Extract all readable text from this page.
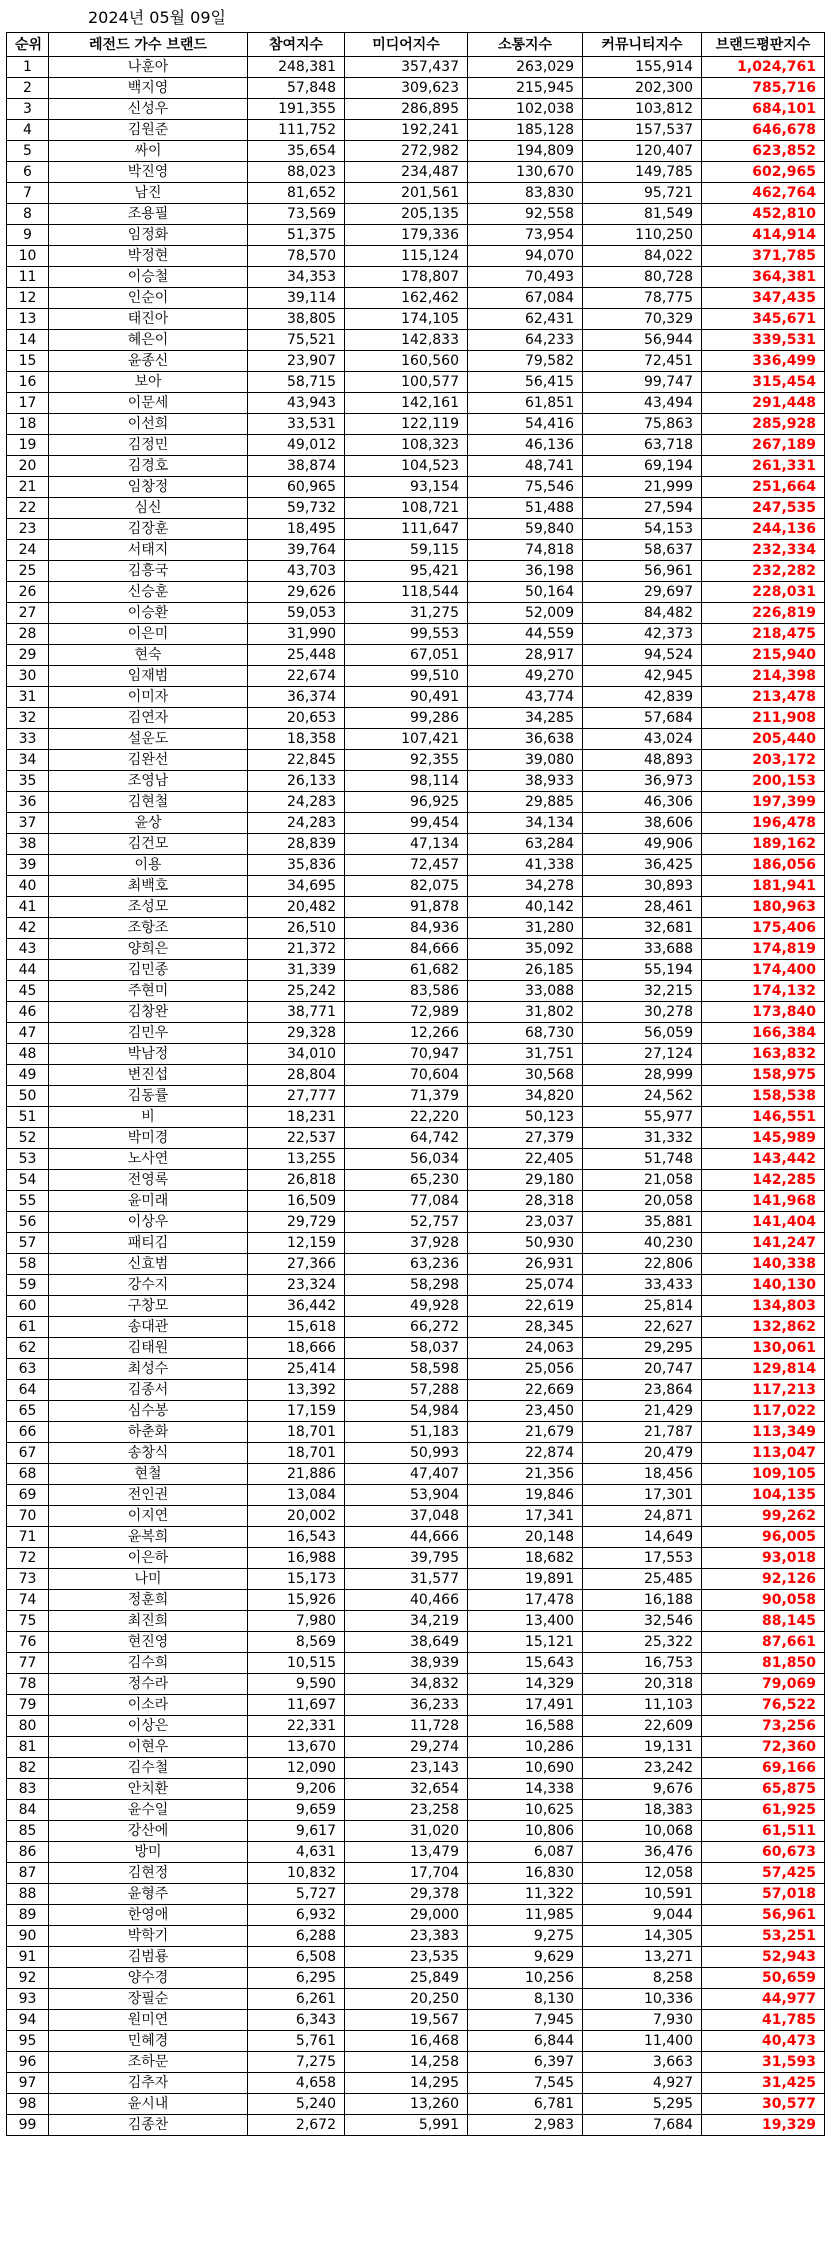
2024년 05월 09일
순위	레전드 가수 브랜드	참여지수	미디어지수	소통지수	커뮤니티지수	브랜드평판지수
1	나훈아	248,381	357,437	263,029	155,914	1,024,761
2	백지영	57,848	309,623	215,945	202,300	785,716
3	신성우	191,355	286,895	102,038	103,812	684,101
4	김원준	111,752	192,241	185,128	157,537	646,678
5	싸이	35,654	272,982	194,809	120,407	623,852
6	박진영	88,023	234,487	130,670	149,785	602,965
7	남진	81,652	201,561	83,830	95,721	462,764
8	조용필	73,569	205,135	92,558	81,549	452,810
9	임정화	51,375	179,336	73,954	110,250	414,914
10	박정현	78,570	115,124	94,070	84,022	371,785
11	이승철	34,353	178,807	70,493	80,728	364,381
12	인순이	39,114	162,462	67,084	78,775	347,435
13	태진아	38,805	174,105	62,431	70,329	345,671
14	혜은이	75,521	142,833	64,233	56,944	339,531
15	윤종신	23,907	160,560	79,582	72,451	336,499
16	보아	58,715	100,577	56,415	99,747	315,454
17	이문세	43,943	142,161	61,851	43,494	291,448
18	이선희	33,531	122,119	54,416	75,863	285,928
19	김정민	49,012	108,323	46,136	63,718	267,189
20	김경호	38,874	104,523	48,741	69,194	261,331
21	임창정	60,965	93,154	75,546	21,999	251,664
22	심신	59,732	108,721	51,488	27,594	247,535
23	김장훈	18,495	111,647	59,840	54,153	244,136
24	서태지	39,764	59,115	74,818	58,637	232,334
25	김흥국	43,703	95,421	36,198	56,961	232,282
26	신승훈	29,626	118,544	50,164	29,697	228,031
27	이승환	59,053	31,275	52,009	84,482	226,819
28	이은미	31,990	99,553	44,559	42,373	218,475
29	현숙	25,448	67,051	28,917	94,524	215,940
30	임재범	22,674	99,510	49,270	42,945	214,398
31	이미자	36,374	90,491	43,774	42,839	213,478
32	김연자	20,653	99,286	34,285	57,684	211,908
33	설운도	18,358	107,421	36,638	43,024	205,440
34	김완선	22,845	92,355	39,080	48,893	203,172
35	조영남	26,133	98,114	38,933	36,973	200,153
36	김현철	24,283	96,925	29,885	46,306	197,399
37	윤상	24,283	99,454	34,134	38,606	196,478
38	김건모	28,839	47,134	63,284	49,906	189,162
39	이용	35,836	72,457	41,338	36,425	186,056
40	최백호	34,695	82,075	34,278	30,893	181,941
41	조성모	20,482	91,878	40,142	28,461	180,963
42	조항조	26,510	84,936	31,280	32,681	175,406
43	양희은	21,372	84,666	35,092	33,688	174,819
44	김민종	31,339	61,682	26,185	55,194	174,400
45	주현미	25,242	83,586	33,088	32,215	174,132
46	김창완	38,771	72,989	31,802	30,278	173,840
47	김민우	29,328	12,266	68,730	56,059	166,384
48	박남정	34,010	70,947	31,751	27,124	163,832
49	변진섭	28,804	70,604	30,568	28,999	158,975
50	김동률	27,777	71,379	34,820	24,562	158,538
51	비	18,231	22,220	50,123	55,977	146,551
52	박미경	22,537	64,742	27,379	31,332	145,989
53	노사연	13,255	56,034	22,405	51,748	143,442
54	전영록	26,818	65,230	29,180	21,058	142,285
55	윤미래	16,509	77,084	28,318	20,058	141,968
56	이상우	29,729	52,757	23,037	35,881	141,404
57	패티김	12,159	37,928	50,930	40,230	141,247
58	신효범	27,366	63,236	26,931	22,806	140,338
59	강수지	23,324	58,298	25,074	33,433	140,130
60	구창모	36,442	49,928	22,619	25,814	134,803
61	송대관	15,618	66,272	28,345	22,627	132,862
62	김태원	18,666	58,037	24,063	29,295	130,061
63	최성수	25,414	58,598	25,056	20,747	129,814
64	김종서	13,392	57,288	22,669	23,864	117,213
65	심수봉	17,159	54,984	23,450	21,429	117,022
66	하춘화	18,701	51,183	21,679	21,787	113,349
67	송창식	18,701	50,993	22,874	20,479	113,047
68	현철	21,886	47,407	21,356	18,456	109,105
69	전인권	13,084	53,904	19,846	17,301	104,135
70	이지연	20,002	37,048	17,341	24,871	99,262
71	윤복희	16,543	44,666	20,148	14,649	96,005
72	이은하	16,988	39,795	18,682	17,553	93,018
73	나미	15,173	31,577	19,891	25,485	92,126
74	정훈희	15,926	40,466	17,478	16,188	90,058
75	최진희	7,980	34,219	13,400	32,546	88,145
76	현진영	8,569	38,649	15,121	25,322	87,661
77	김수희	10,515	38,939	15,643	16,753	81,850
78	정수라	9,590	34,832	14,329	20,318	79,069
79	이소라	11,697	36,233	17,491	11,103	76,522
80	이상은	22,331	11,728	16,588	22,609	73,256
81	이현우	13,670	29,274	10,286	19,131	72,360
82	김수철	12,090	23,143	10,690	23,242	69,166
83	안치환	9,206	32,654	14,338	9,676	65,875
84	윤수일	9,659	23,258	10,625	18,383	61,925
85	강산에	9,617	31,020	10,806	10,068	61,511
86	방미	4,631	13,479	6,087	36,476	60,673
87	김현정	10,832	17,704	16,830	12,058	57,425
88	윤형주	5,727	29,378	11,322	10,591	57,018
89	한영애	6,932	29,000	11,985	9,044	56,961
90	박학기	6,288	23,383	9,275	14,305	53,251
91	김범룡	6,508	23,535	9,629	13,271	52,943
92	양수경	6,295	25,849	10,256	8,258	50,659
93	장필순	6,261	20,250	8,130	10,336	44,977
94	원미연	6,343	19,567	7,945	7,930	41,785
95	민혜경	5,761	16,468	6,844	11,400	40,473
96	조하문	7,275	14,258	6,397	3,663	31,593
97	김추자	4,658	14,295	7,545	4,927	31,425
98	윤시내	5,240	13,260	6,781	5,295	30,577
99	김종찬	2,672	5,991	2,983	7,684	19,329
